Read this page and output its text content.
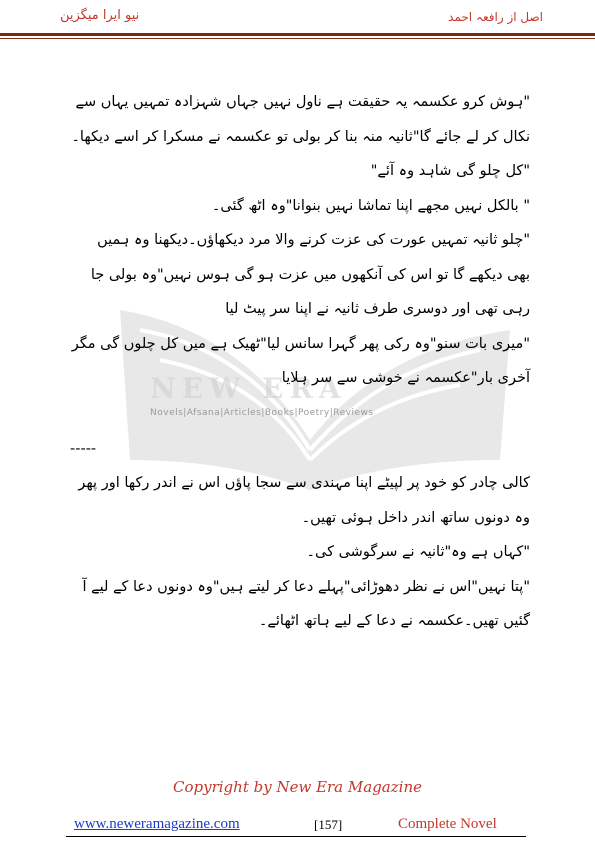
اصل از رافعہ احمد
نیو ایرا میگزین
NEW ERA
Novels|Afsana|Articles|Books|Poetry|Reviews

"ہوش کرو عکسمہ یہ حقیقت ہے ناول نہیں جہاں شہزادہ تمہیں یہاں سے نکال کر لے جائے گا"ثانیہ منہ بنا کر بولی تو عکسمہ نے مسکرا کر اسے دیکھا۔

"کل چلو گی شاہد وہ آئے"

" بالکل نہیں مجھے اپنا تماشا نہیں بنوانا"وہ اٹھ گئی۔

"چلو ثانیہ تمہیں عورت کی عزت کرنے والا مرد دیکھاؤں۔دیکھنا وہ ہمیں بھی دیکھے گا تو اس کی آنکھوں میں عزت ہو گی ہوس نہیں"وہ بولی جا رہی تھی اور دوسری طرف ثانیہ نے اپنا سر پیٹ لیا

"میری بات سنو"وہ رکی پھر گہرا سانس لیا"ٹھیک ہے میں کل چلوں گی مگر آخری بار"عکسمہ نے خوشی سے سر ہلایا

-----

کالی چادر کو خود پر لپیٹے اپنا مہندی سے سجا پاؤں اس نے اندر رکھا اور پھر وہ دونوں ساتھ اندر داخل ہوئی تھیں۔

"کہاں ہے وہ"ثانیہ نے سرگوشی کی۔

"پتا نہیں"اس نے نظر دھوڑائی"پہلے دعا کر لیتے ہیں"وہ دونوں دعا کے لیے آ گئیں تھیں۔عکسمہ نے دعا کے لیے ہاتھ اٹھائے۔

Copyright by New Era Magazine
www.neweramagazine.com	[157]	Complete Novel
